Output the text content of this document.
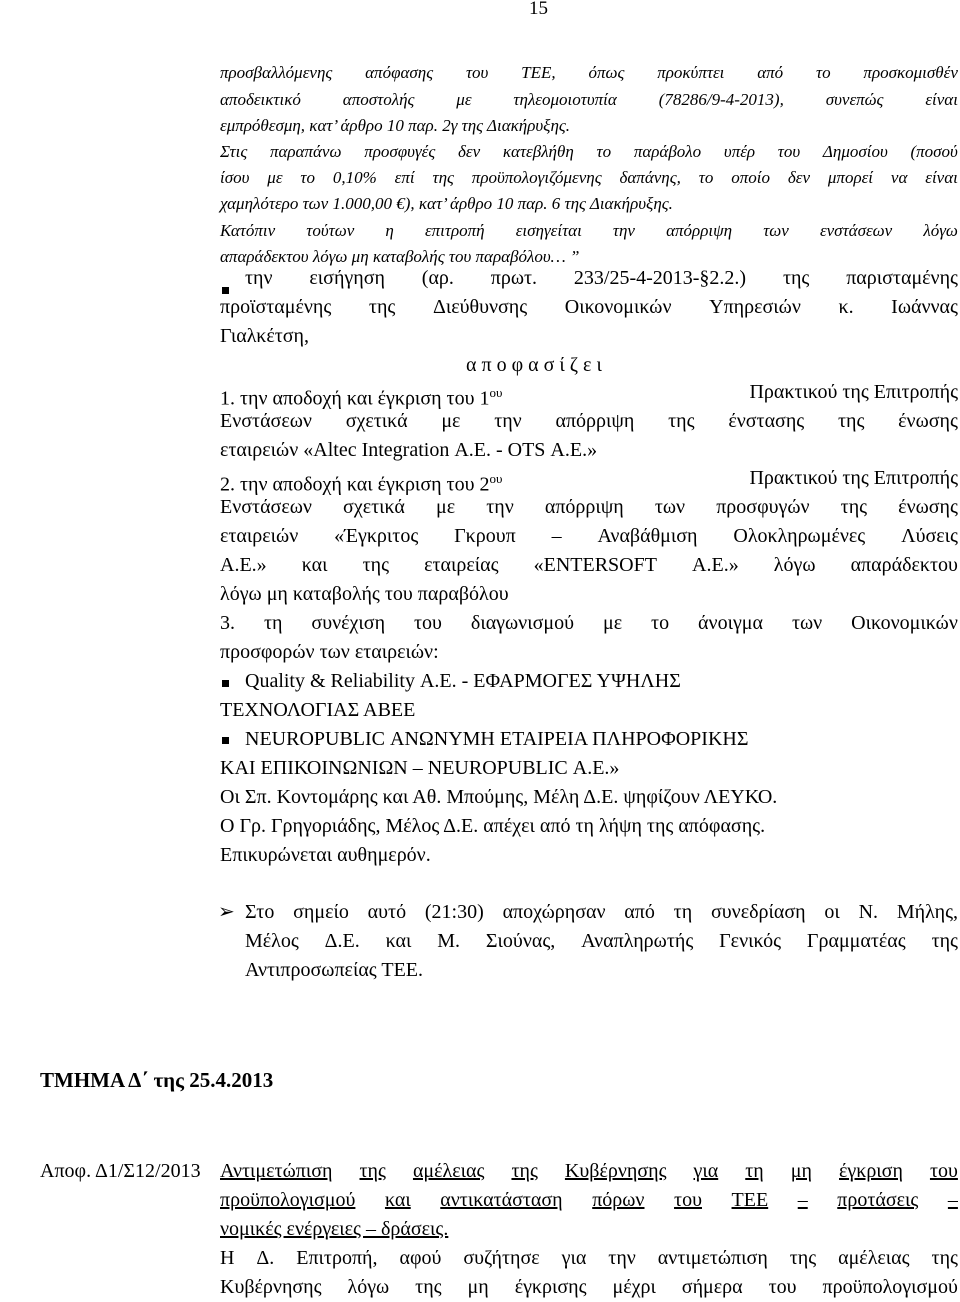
15
προσβαλλόμενης απόφασης του ΤΕΕ, όπως προκύπτει από το προσκομισθέν
αποδεικτικό αποστολής με τηλεομοιοτυπία (78286/9-4-2013), συνεπώς είναι
εμπρόθεσμη, κατ’ άρθρο 10 παρ. 2γ της Διακήρυξης.
Στις παραπάνω προσφυγές δεν κατεβλήθη το παράβολο υπέρ του Δημοσίου (ποσού
ίσου με το 0,10% επί της προϋπολογιζόμενης δαπάνης, το οποίο δεν μπορεί να είναι
χαμηλότερο των 1.000,00 €), κατ’ άρθρο 10 παρ. 6 της Διακήρυξης.
Κατόπιν τούτων η επιτροπή εισηγείται την απόρριψη των ενστάσεων λόγω
απαράδεκτου λόγω μη καταβολής του παραβόλου… ”
την εισήγηση (αρ. πρωτ. 233/25-4-2013-§2.2.) της παρισταμένης
προϊσταμένης της Διεύθυνσης Οικονομικών Υπηρεσιών κ. Ιωάννας
Γιαλκέτση,
α π ο φ α σ ί ζ ε ι
1. την αποδοχή και έγκριση του $1^{o\upsilon}$	Πρακτικού της Επιτροπής
Ενστάσεων σχετικά με την απόρριψη της ένστασης της ένωσης
εταιρειών «Altec Integration Α.Ε. - OTS Α.Ε.»
2. την αποδοχή και έγκριση του $2^{o\upsilon}$	Πρακτικού της Επιτροπής
Ενστάσεων σχετικά με την απόρριψη των προσφυγών της ένωσης
εταιρειών «Έγκριτος Γκρουπ – Αναβάθμιση Ολοκληρωμένες Λύσεις
Α.Ε.» και της εταιρείας «ENTERSOFT Α.Ε.» λόγω απαράδεκτου
λόγω μη καταβολής του παραβόλου
3. τη συνέχιση του διαγωνισμού με το άνοιγμα των Οικονομικών
προσφορών των εταιρειών:
Quality & Reliability Α.Ε. - ΕΦΑΡΜΟΓΕΣ ΥΨΗΛΗΣ
ΤΕΧΝΟΛΟΓΙΑΣ ΑΒΕΕ
NEUROPUBLIC ΑΝΩΝΥΜΗ ΕΤΑΙΡΕΙΑ ΠΛΗΡΟΦΟΡΙΚΗΣ
ΚΑΙ ΕΠΙΚΟΙΝΩΝΙΩΝ – NEUROPUBLIC Α.Ε.»
Οι Σπ. Κοντομάρης και Αθ. Μπούμης, Μέλη Δ.Ε. ψηφίζουν ΛΕΥΚΟ.
Ο Γρ. Γρηγοριάδης, Μέλος Δ.Ε. απέχει από τη λήψη της απόφασης.
Επικυρώνεται αυθημερόν.
➢ Στο σημείο αυτό (21:30) αποχώρησαν από τη συνεδρίαση οι Ν. Μήλης,
Μέλος Δ.Ε. και Μ. Σιούνας, Αναπληρωτής Γενικός Γραμματέας της
Αντιπροσωπείας ΤΕΕ.
ΤΜΗΜΑ Δ΄ της 25.4.2013
Αποφ. Δ1/Σ12/2013 Αντιμετώπιση της αμέλειας της Κυβέρνησης για τη μη έγκριση του
προϋπολογισμού και αντικατάσταση πόρων του ΤΕΕ – προτάσεις –
νομικές ενέργειες – δράσεις.
Η Δ. Επιτροπή, αφού συζήτησε για την αντιμετώπιση της αμέλειας της
Κυβέρνησης λόγω της μη έγκρισης μέχρι σήμερα του προϋπολογισμού
